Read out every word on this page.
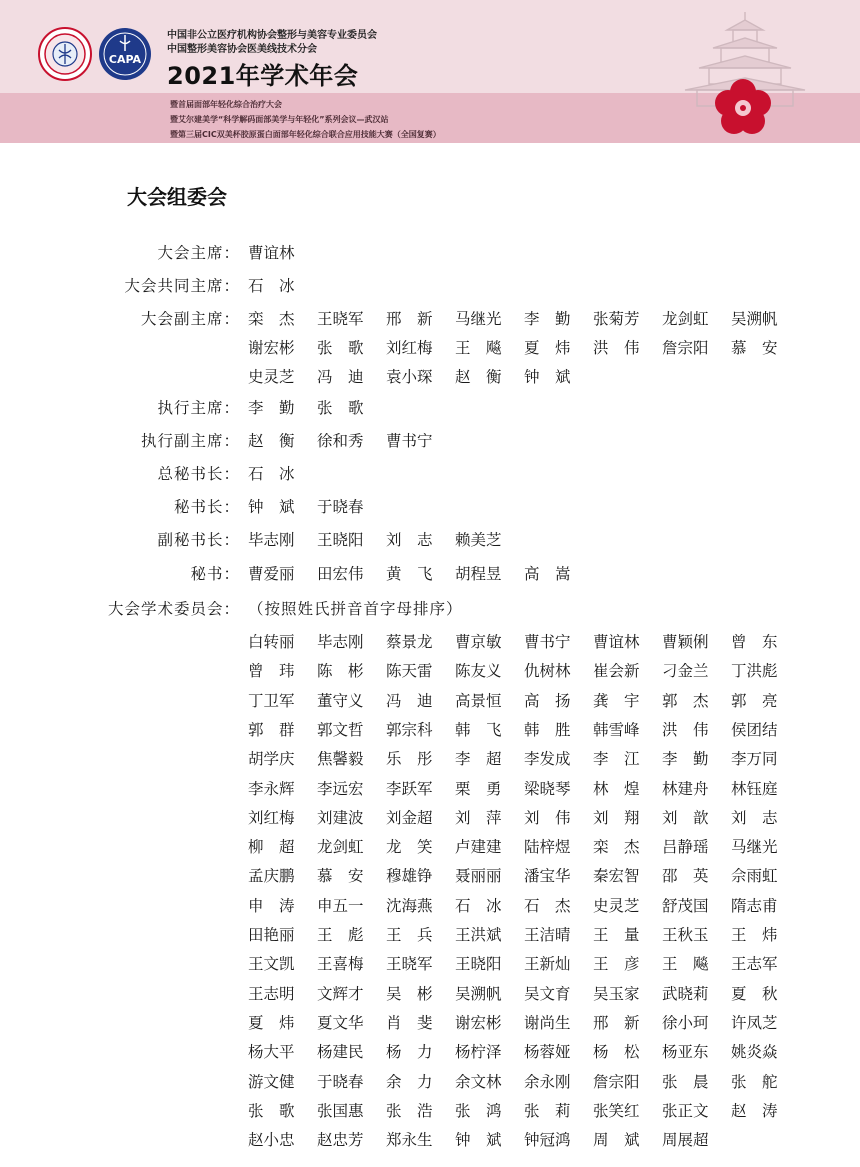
CAPA
中国非公立医疗机构协会整形与美容专业委员会
中国整形美容协会医美线技术分会
2021年学术年会
暨首届面部年轻化综合治疗大会
暨艾尔建美学“科学解码面部美学与年轻化”系列会议—武汉站
暨第三届CIC双美杯胶原蛋白面部年轻化综合联合应用技能大赛（全国复赛）
大会组委会
大会主席：
大会共同主席：
大会副主席：
执行主席：
执行副主席：
总秘书长：
秘书长：
副秘书长：
秘书：
大会学术委员会： （按照姓氏拼音首字母排序）
曹谊林
石　冰
栾　杰 王晓军 邢　新 马继光 李　勤 张菊芳 龙剑虹 吴溯帆
谢宏彬 张　歌 刘红梅 王　飚 夏　炜 洪　伟 詹宗阳 慕　安
史灵芝 冯　迪 袁小琛 赵　衡 钟　斌
李　勤 张　歌
赵　衡 徐和秀 曹书宁
石　冰
钟　斌 于晓春
毕志刚 王晓阳 刘　志 赖美芝
曹爱丽 田宏伟 黄　飞 胡程昱 高　嵩
白转丽 毕志刚 蔡景龙 曹京敏 曹书宁 曹谊林 曹颖俐 曾　东
曾　玮 陈　彬 陈天雷 陈友义 仇树林 崔会新 刁金兰 丁洪彪
丁卫军 董守义 冯　迪 高景恒 高　扬 龚　宇 郭　杰 郭　亮
郭　群 郭文哲 郭宗科 韩　飞 韩　胜 韩雪峰 洪　伟 侯团结
胡学庆 焦馨毅 乐　彤 李　超 李发成 李　江 李　勤 李万同
李永辉 李远宏 李跃军 栗　勇 梁晓琴 林　煌 林建舟 林钰庭
刘红梅 刘建波 刘金超 刘　萍 刘　伟 刘　翔 刘　歆 刘　志
柳　超 龙剑虹 龙　笑 卢建建 陆梓煜 栾　杰 吕静瑶 马继光
孟庆鹏 慕　安 穆雄铮 聂丽丽 潘宝华 秦宏智 邵　英 佘雨虹
申　涛 申五一 沈海燕 石　冰 石　杰 史灵芝 舒茂国 隋志甫
田艳丽 王　彪 王　兵 王洪斌 王洁晴 王　量 王秋玉 王　炜
王文凯 王喜梅 王晓军 王晓阳 王新灿 王　彦 王　飚 王志军
王志明 文辉才 吴　彬 吴溯帆 吴文育 吴玉家 武晓莉 夏　秋
夏　炜 夏文华 肖　斐 谢宏彬 谢尚生 邢　新 徐小珂 许凤芝
杨大平 杨建民 杨　力 杨柠泽 杨蓉娅 杨　松 杨亚东 姚炎焱
游文健 于晓春 余　力 余文林 余永刚 詹宗阳 张　晨 张　舵
张　歌 张国惠 张　浩 张　鸿 张　莉 张笑红 张正文 赵　涛
赵小忠 赵忠芳 郑永生 钟　斌 钟冠鸿 周　斌 周展超
